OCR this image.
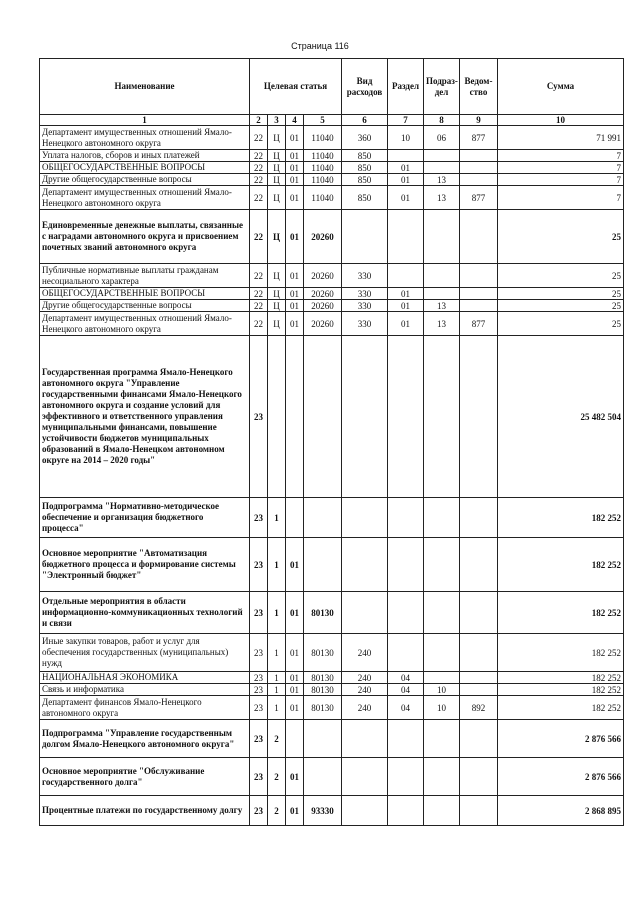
Страница 116
Наименование	Целевая статья				Вид расходов	Раздел	Подраз-дел	Ведом-ство	Сумма
1	2	3	4	5	6	7	8	9	10
Департамент имущественных отношений Ямало-Ненецкого автономного округа	22	Ц	01	11040	360	10	06	877	71 991
Уплата налогов, сборов и иных платежей	22	Ц	01	11040	850				7
ОБЩЕГОСУДАРСТВЕННЫЕ ВОПРОСЫ	22	Ц	01	11040	850	01			7
Другие общегосударственные вопросы	22	Ц	01	11040	850	01	13		7
Департамент имущественных отношений Ямало-Ненецкого автономного округа	22	Ц	01	11040	850	01	13	877	7
Единовременные денежные выплаты, связанные с наградами автономного округа и присвоением почетных званий автономного округа	22	Ц	01	20260					25
Публичные нормативные выплаты гражданам несоциального характера	22	Ц	01	20260	330				25
ОБЩЕГОСУДАРСТВЕННЫЕ ВОПРОСЫ	22	Ц	01	20260	330	01			25
Другие общегосударственные вопросы	22	Ц	01	20260	330	01	13		25
Департамент имущественных отношений Ямало-Ненецкого автономного округа	22	Ц	01	20260	330	01	13	877	25
Государственная программа Ямало-Ненецкого автономного округа "Управление государственными финансами Ямало-Ненецкого автономного округа и создание условий для эффективного и ответственного управления муниципальными финансами, повышение устойчивости бюджетов муниципальных образований в Ямало-Ненецком автономном округе на 2014 – 2020 годы"	23								25 482 504
Подпрограмма "Нормативно-методическое обеспечение и организация бюджетного процесса"	23	1							182 252
Основное мероприятие "Автоматизация бюджетного процесса и формирование системы "Электронный бюджет"	23	1	01						182 252
Отдельные мероприятия в области информационно-коммуникационных технологий и связи	23	1	01	80130					182 252
Иные закупки товаров, работ и услуг для обеспечения государственных (муниципальных) нужд	23	1	01	80130	240				182 252
НАЦИОНАЛЬНАЯ ЭКОНОМИКА	23	1	01	80130	240	04			182 252
Связь и информатика	23	1	01	80130	240	04	10		182 252
Департамент финансов Ямало-Ненецкого автономного округа	23	1	01	80130	240	04	10	892	182 252
Подпрограмма "Управление государственным долгом Ямало-Ненецкого автономного округа"	23	2							2 876 566
Основное мероприятие "Обслуживание государственного долга"	23	2	01						2 876 566
Процентные платежи по государственному долгу	23	2	01	93330					2 868 895
